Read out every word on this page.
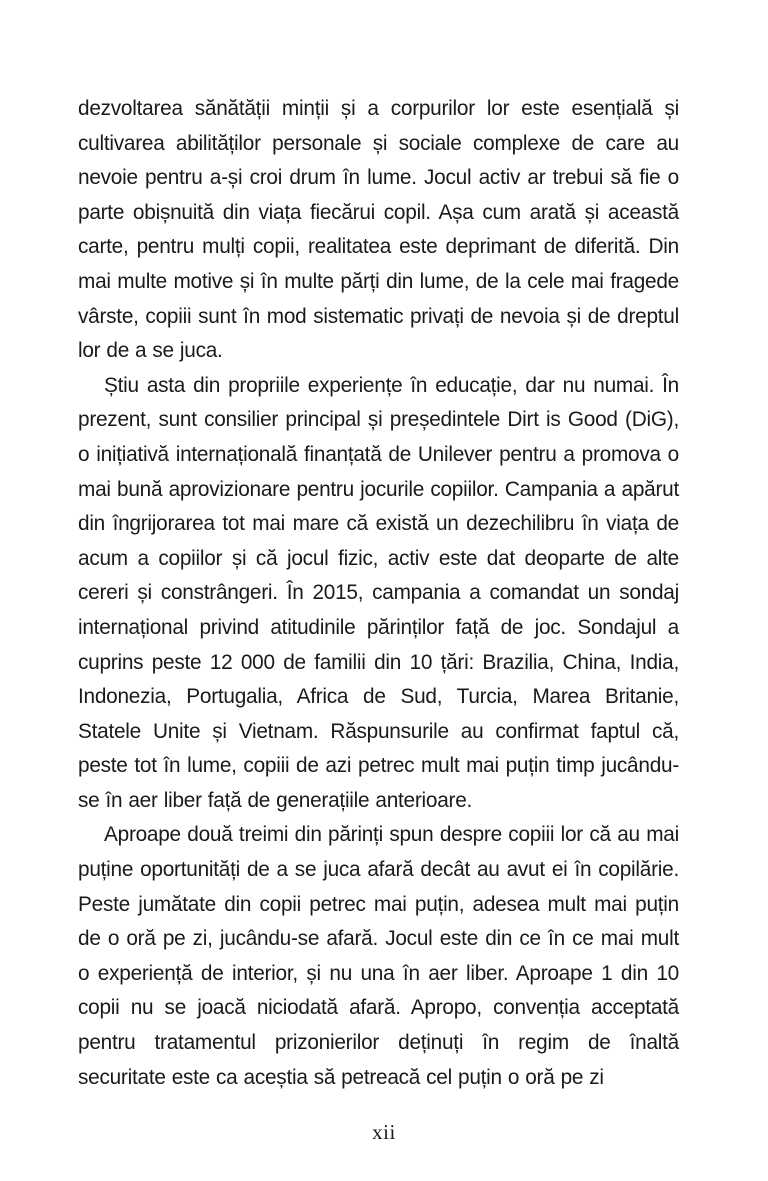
dezvoltarea sănătății minții și a corpurilor lor este esențială și cultivarea abilităților personale și sociale complexe de care au nevoie pentru a-și croi drum în lume. Jocul activ ar trebui să fie o parte obișnuită din viața fiecărui copil. Așa cum arată și această carte, pentru mulți copii, realitatea este deprimant de diferită. Din mai multe motive și în multe părți din lume, de la cele mai fragede vârste, copiii sunt în mod sistematic privați de nevoia și de dreptul lor de a se juca.

Știu asta din propriile experiențe în educație, dar nu numai. În prezent, sunt consilier principal și președintele Dirt is Good (DiG), o inițiativă internațională finanțată de Unilever pentru a promova o mai bună aprovizionare pentru jocurile copiilor. Campania a apărut din îngrijorarea tot mai mare că există un dezechilibru în viața de acum a copiilor și că jocul fizic, activ este dat deoparte de alte cereri și constrângeri. În 2015, campania a comandat un sondaj internațional privind atitudinile părinților față de joc. Sondajul a cuprins peste 12 000 de familii din 10 țări: Brazilia, China, India, Indonezia, Portugalia, Africa de Sud, Turcia, Marea Britanie, Statele Unite și Vietnam. Răspunsurile au confirmat faptul că, peste tot în lume, copiii de azi petrec mult mai puțin timp jucându-se în aer liber față de generațiile anterioare.

Aproape două treimi din părinți spun despre copiii lor că au mai puține oportunități de a se juca afară decât au avut ei în copilărie. Peste jumătate din copii petrec mai puțin, adesea mult mai puțin de o oră pe zi, jucându-se afară. Jocul este din ce în ce mai mult o experiență de interior, și nu una în aer liber. Aproape 1 din 10 copii nu se joacă niciodată afară. Apropo, convenția acceptată pentru tratamentul prizonierilor deținuți în regim de înaltă securitate este ca aceștia să petreacă cel puțin o oră pe zi

xii
